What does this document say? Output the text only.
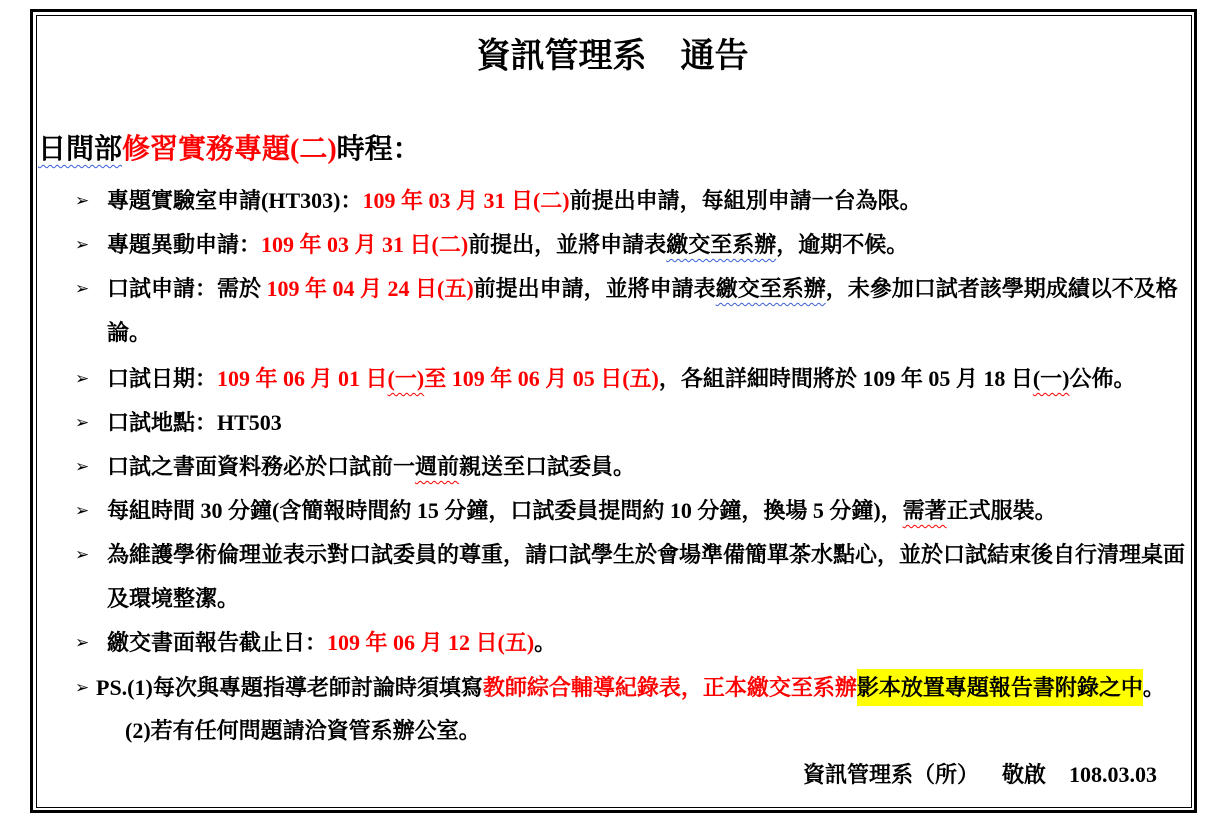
資訊管理系 通告
日間部修習實務專題(二)時程：
➢
專題實驗室申請(HT303)：109 年 03 月 31 日(二)前提出申請，每組別申請一台為限。
➢
專題異動申請：109 年 03 月 31 日(二)前提出，並將申請表繳交至系辦，逾期不候。
➢
口試申請：需於 109 年 04 月 24 日(五)前提出申請，並將申請表繳交至系辦，未參加口試者該學期成績以不及格
論。
➢
口試日期：109 年 06 月 01 日(一)至 109 年 06 月 05 日(五)，各組詳細時間將於 109 年 05 月 18 日(一)公佈。
➢
口試地點：HT503
➢
口試之書面資料務必於口試前一週前親送至口試委員。
➢
每組時間 30 分鐘(含簡報時間約 15 分鐘，口試委員提問約 10 分鐘，換場 5 分鐘)，需著正式服裝。
➢
為維護學術倫理並表示對口試委員的尊重，請口試學生於會場準備簡單茶水點心，並於口試結束後自行清理桌面
及環境整潔。
➢
繳交書面報告截止日：109 年 06 月 12 日(五)。
➢
PS.(1)每次與專題指導老師討論時須填寫教師綜合輔導紀錄表，正本繳交至系辦影本放置專題報告書附錄之中。
(2)若有任何問題請洽資管系辦公室。
資訊管理系（所） 敬啟 108.03.03
